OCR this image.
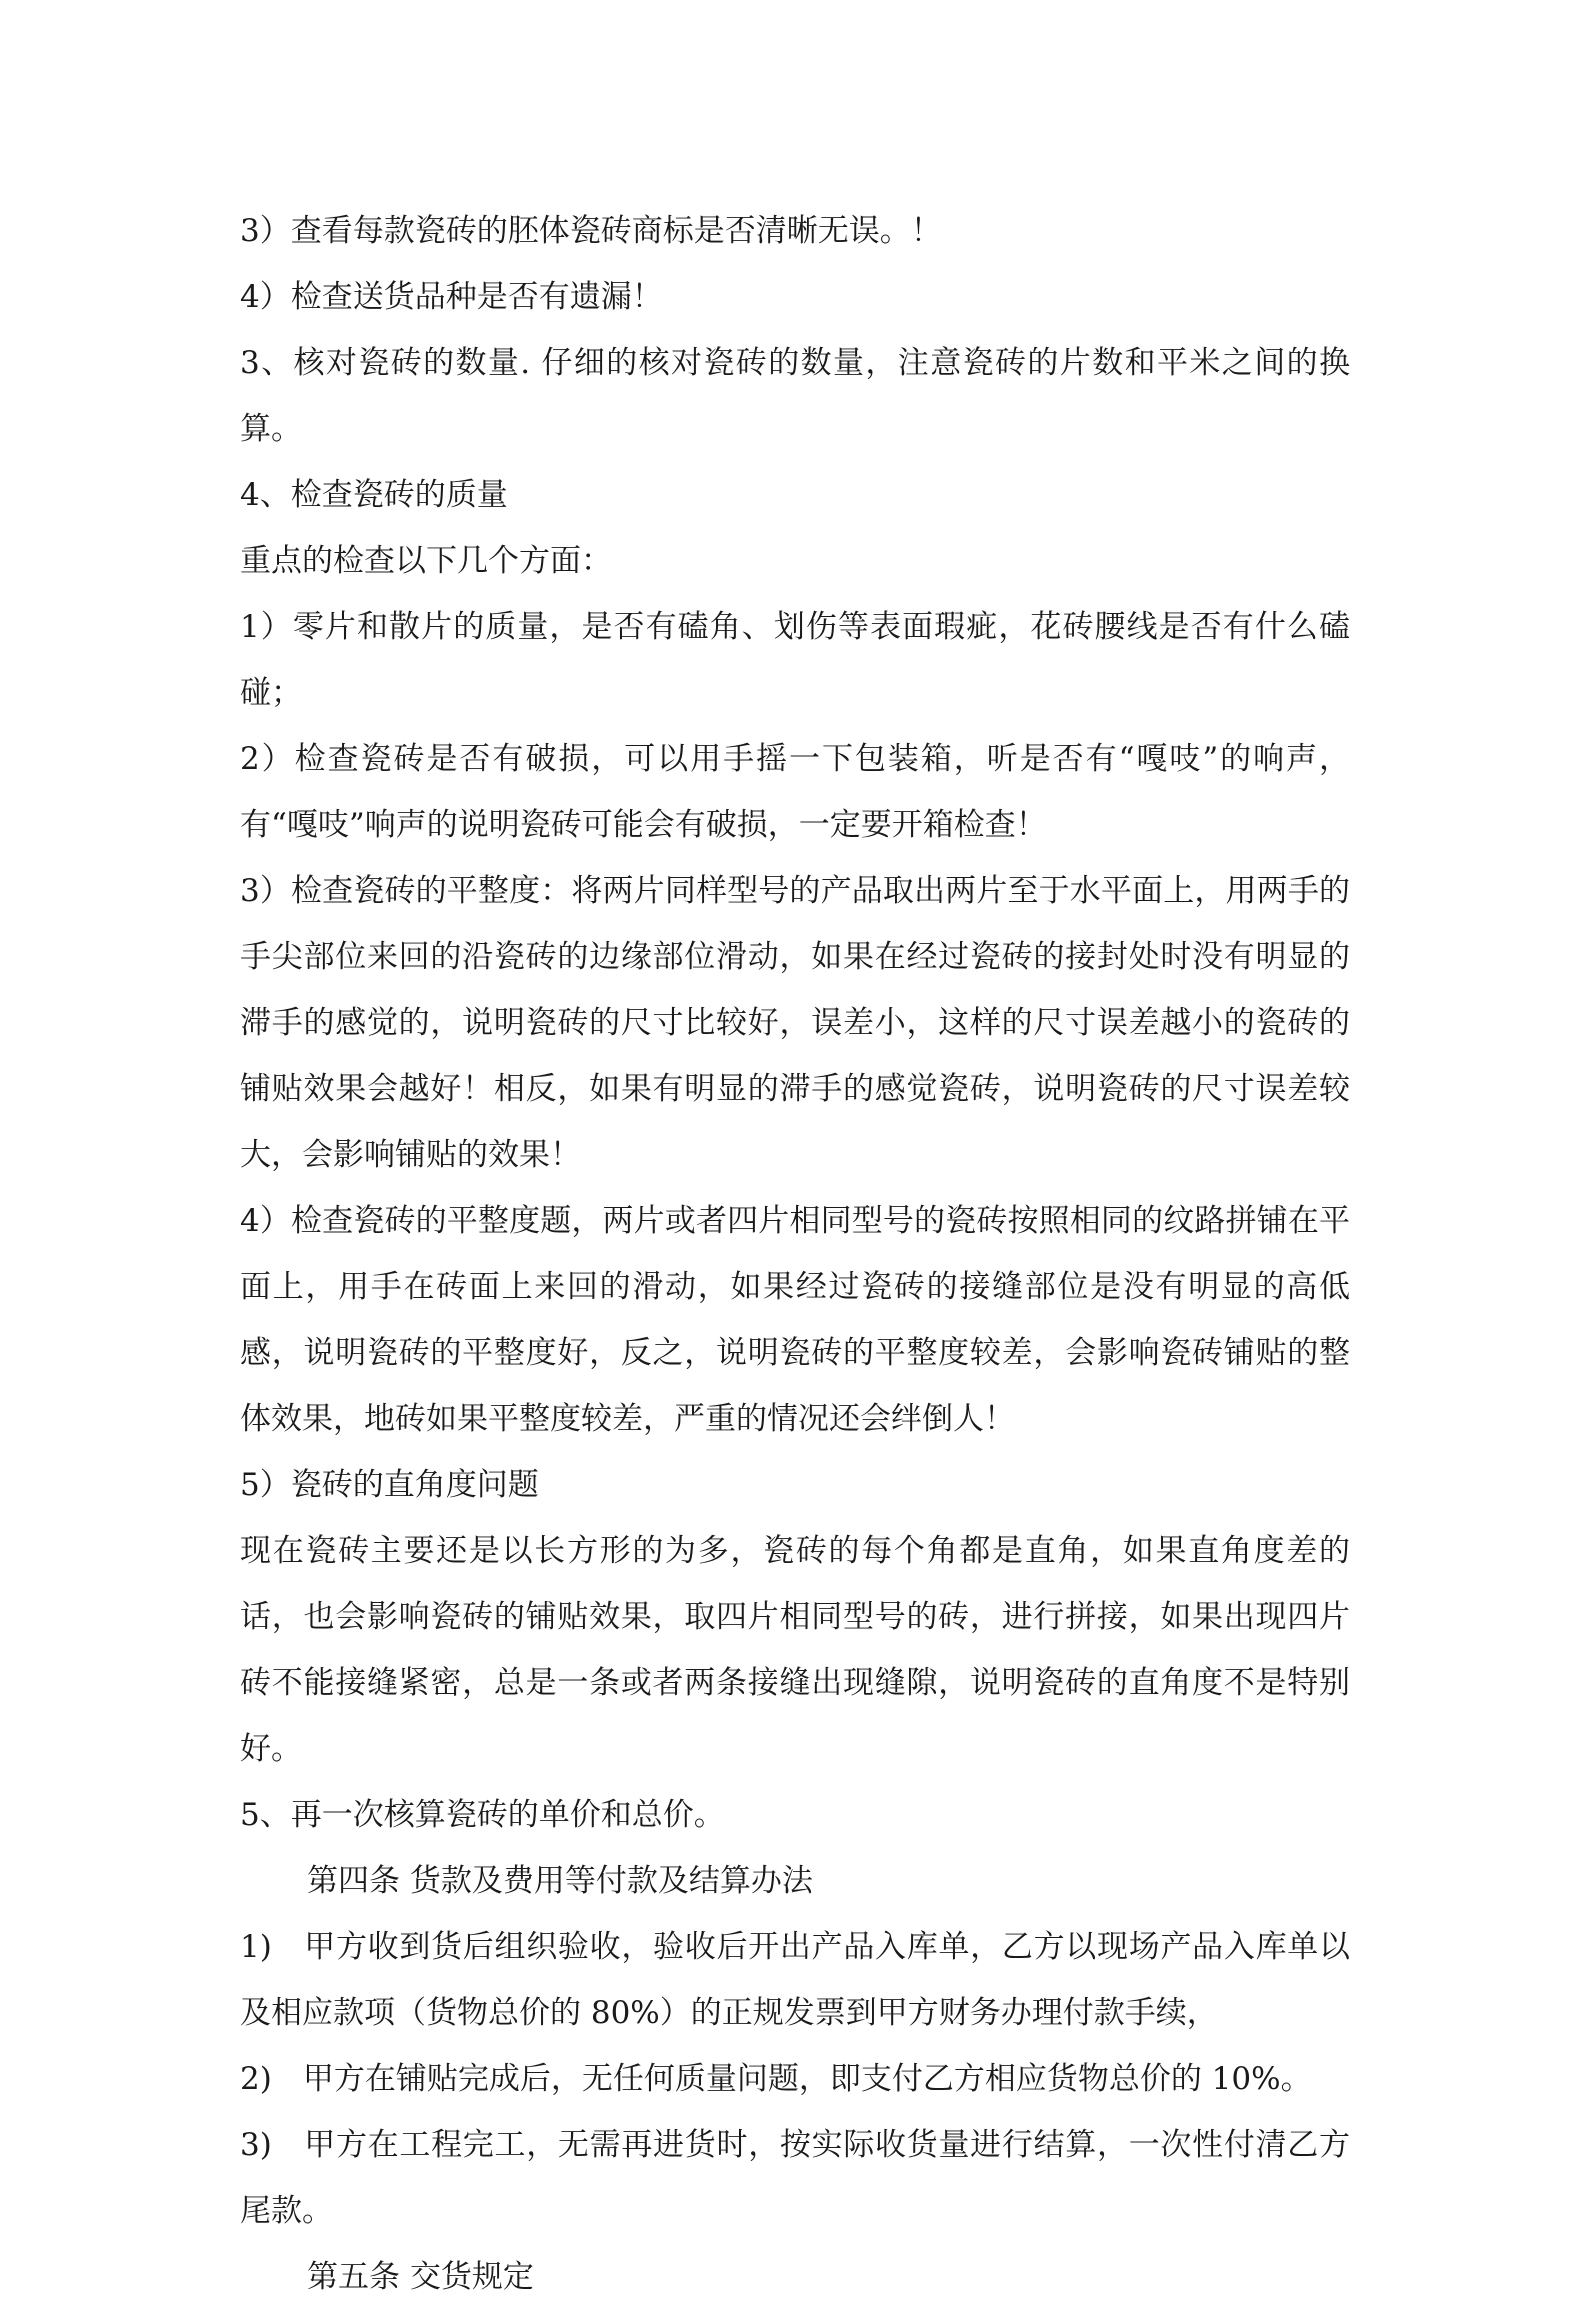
3）查看每款瓷砖的胚体瓷砖商标是否清晰无误。！

4）检查送货品种是否有遗漏！

3、核对瓷砖的数量. 仔细的核对瓷砖的数量，注意瓷砖的片数和平米之间的换算。

4、检查瓷砖的质量

重点的检查以下几个方面：

1）零片和散片的质量，是否有磕角、划伤等表面瑕疵，花砖腰线是否有什么磕碰；

2）检查瓷砖是否有破损，可以用手摇一下包装箱，听是否有“嘎吱”的响声，有“嘎吱”响声的说明瓷砖可能会有破损，一定要开箱检查！

3）检查瓷砖的平整度：将两片同样型号的产品取出两片至于水平面上，用两手的手尖部位来回的沿瓷砖的边缘部位滑动，如果在经过瓷砖的接封处时没有明显的滞手的感觉的，说明瓷砖的尺寸比较好，误差小，这样的尺寸误差越小的瓷砖的铺贴效果会越好！相反，如果有明显的滞手的感觉瓷砖，说明瓷砖的尺寸误差较大，会影响铺贴的效果！

4）检查瓷砖的平整度题，两片或者四片相同型号的瓷砖按照相同的纹路拼铺在平面上，用手在砖面上来回的滑动，如果经过瓷砖的接缝部位是没有明显的高低感，说明瓷砖的平整度好，反之，说明瓷砖的平整度较差，会影响瓷砖铺贴的整体效果，地砖如果平整度较差，严重的情况还会绊倒人！

5）瓷砖的直角度问题

现在瓷砖主要还是以长方形的为多，瓷砖的每个角都是直角，如果直角度差的话，也会影响瓷砖的铺贴效果，取四片相同型号的砖，进行拼接，如果出现四片砖不能接缝紧密，总是一条或者两条接缝出现缝隙，说明瓷砖的直角度不是特别好。

5、再一次核算瓷砖的单价和总价。

第四条 货款及费用等付款及结算办法

1)　甲方收到货后组织验收，验收后开出产品入库单，乙方以现场产品入库单以及相应款项（货物总价的 80%）的正规发票到甲方财务办理付款手续，

2)　甲方在铺贴完成后，无任何质量问题，即支付乙方相应货物总价的 10%。

3)　甲方在工程完工，无需再进货时，按实际收货量进行结算，一次性付清乙方尾款。

第五条 交货规定
